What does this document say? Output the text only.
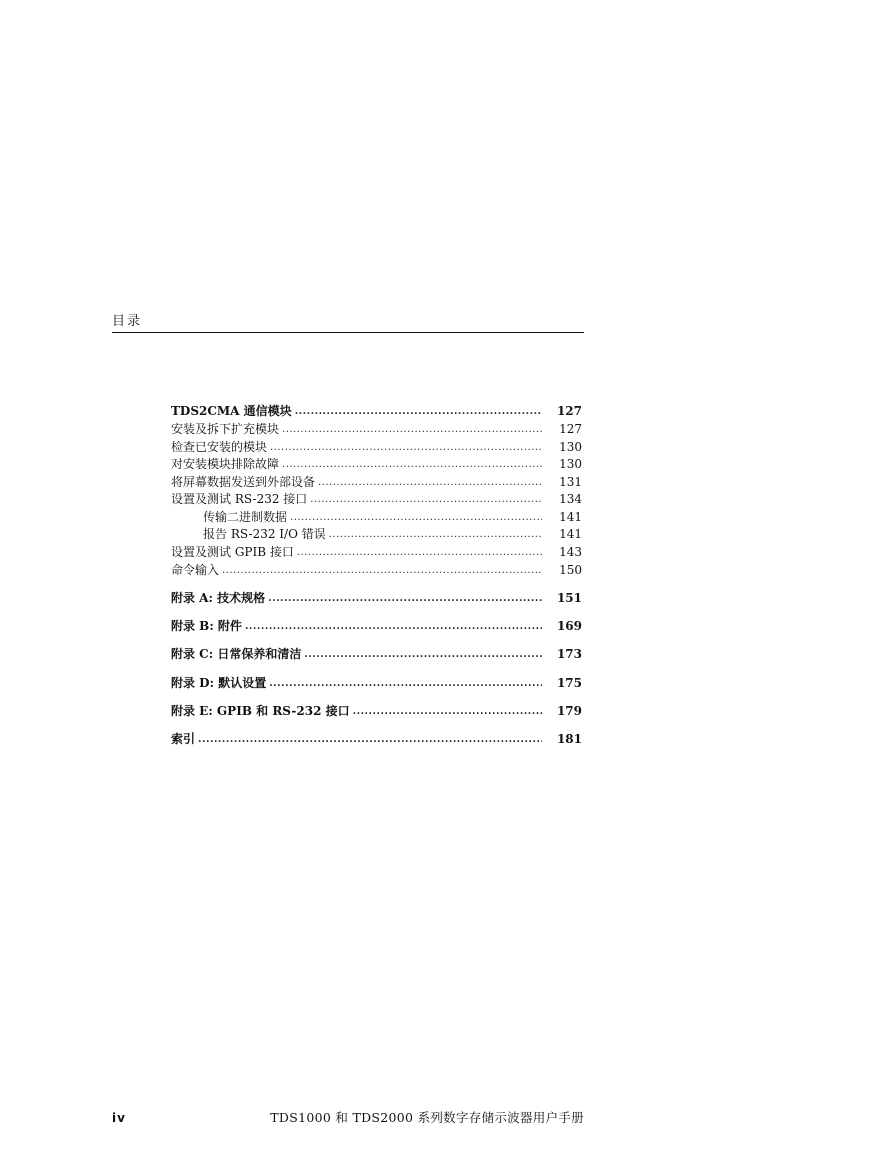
目录
TDS2CMA 通信模块 .....	127
安装及拆下扩充模块 .....	127
检查已安装的模块 .....	130
对安装模块排除故障 .....	130
将屏幕数据发送到外部设备 .....	131
设置及测试 RS-232 接口 .....	134
传输二进制数据 .....	141
报告 RS-232 I/O 错误 .....	141
设置及测试 GPIB 接口 .....	143
命令输入 .....	150
附录 A: 技术规格 .....	151
附录 B: 附件 .....	169
附录 C: 日常保养和清洁 .....	173
附录 D: 默认设置 .....	175
附录 E: GPIB 和 RS-232 接口 .....	179
索引 .....	181
iv	TDS1000 和 TDS2000 系列数字存储示波器用户手册
